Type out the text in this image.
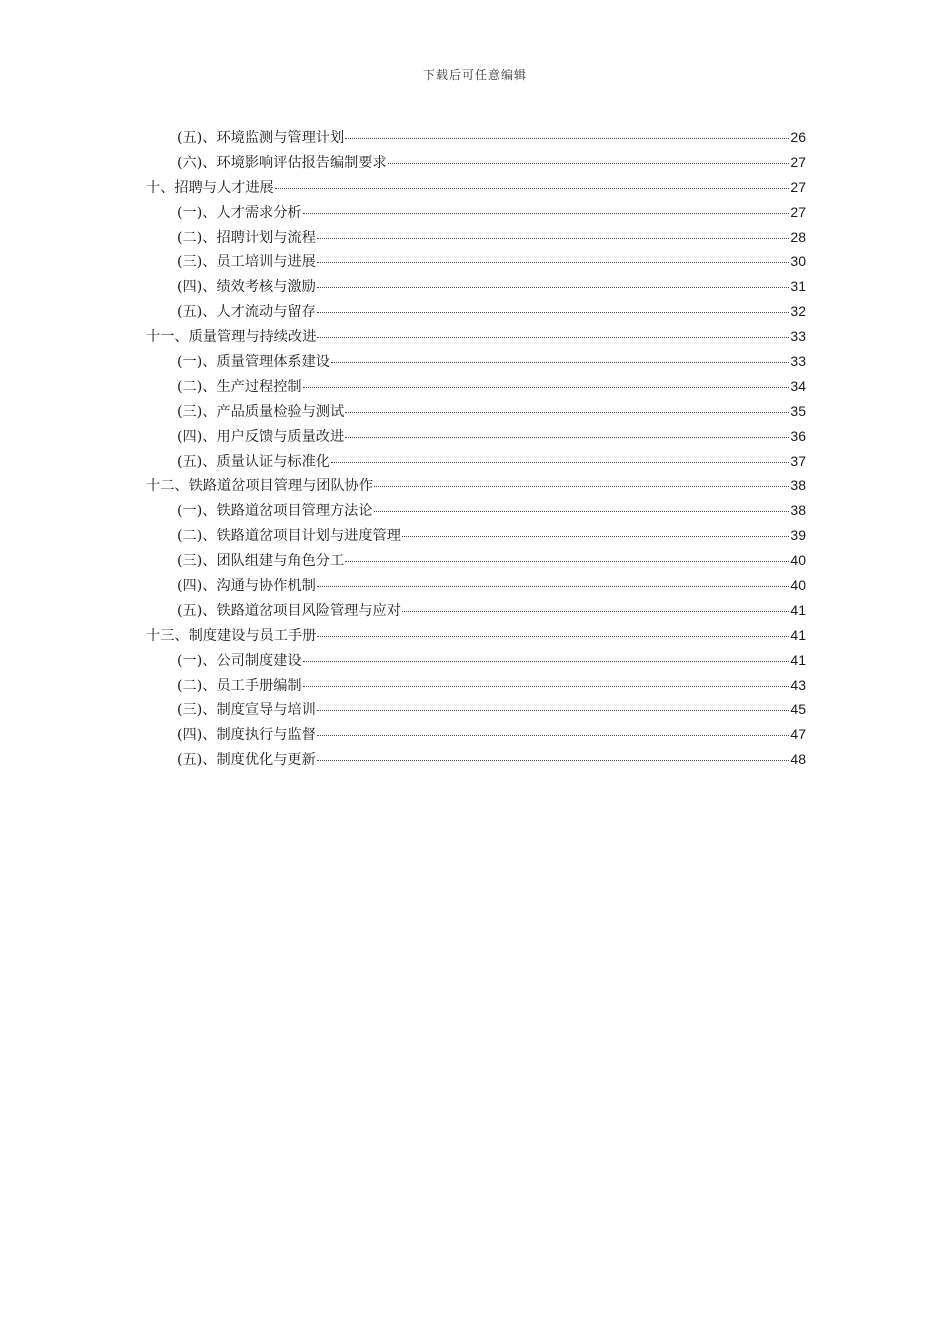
下载后可任意编辑
(五)、环境监测与管理计划	26
(六)、环境影响评估报告编制要求	27
十、招聘与人才进展	27
(一)、人才需求分析	27
(二)、招聘计划与流程	28
(三)、员工培训与进展	30
(四)、绩效考核与激励	31
(五)、人才流动与留存	32
十一、质量管理与持续改进	33
(一)、质量管理体系建设	33
(二)、生产过程控制	34
(三)、产品质量检验与测试	35
(四)、用户反馈与质量改进	36
(五)、质量认证与标准化	37
十二、铁路道岔项目管理与团队协作	38
(一)、铁路道岔项目管理方法论	38
(二)、铁路道岔项目计划与进度管理	39
(三)、团队组建与角色分工	40
(四)、沟通与协作机制	40
(五)、铁路道岔项目风险管理与应对	41
十三、制度建设与员工手册	41
(一)、公司制度建设	41
(二)、员工手册编制	43
(三)、制度宣导与培训	45
(四)、制度执行与监督	47
(五)、制度优化与更新	48
